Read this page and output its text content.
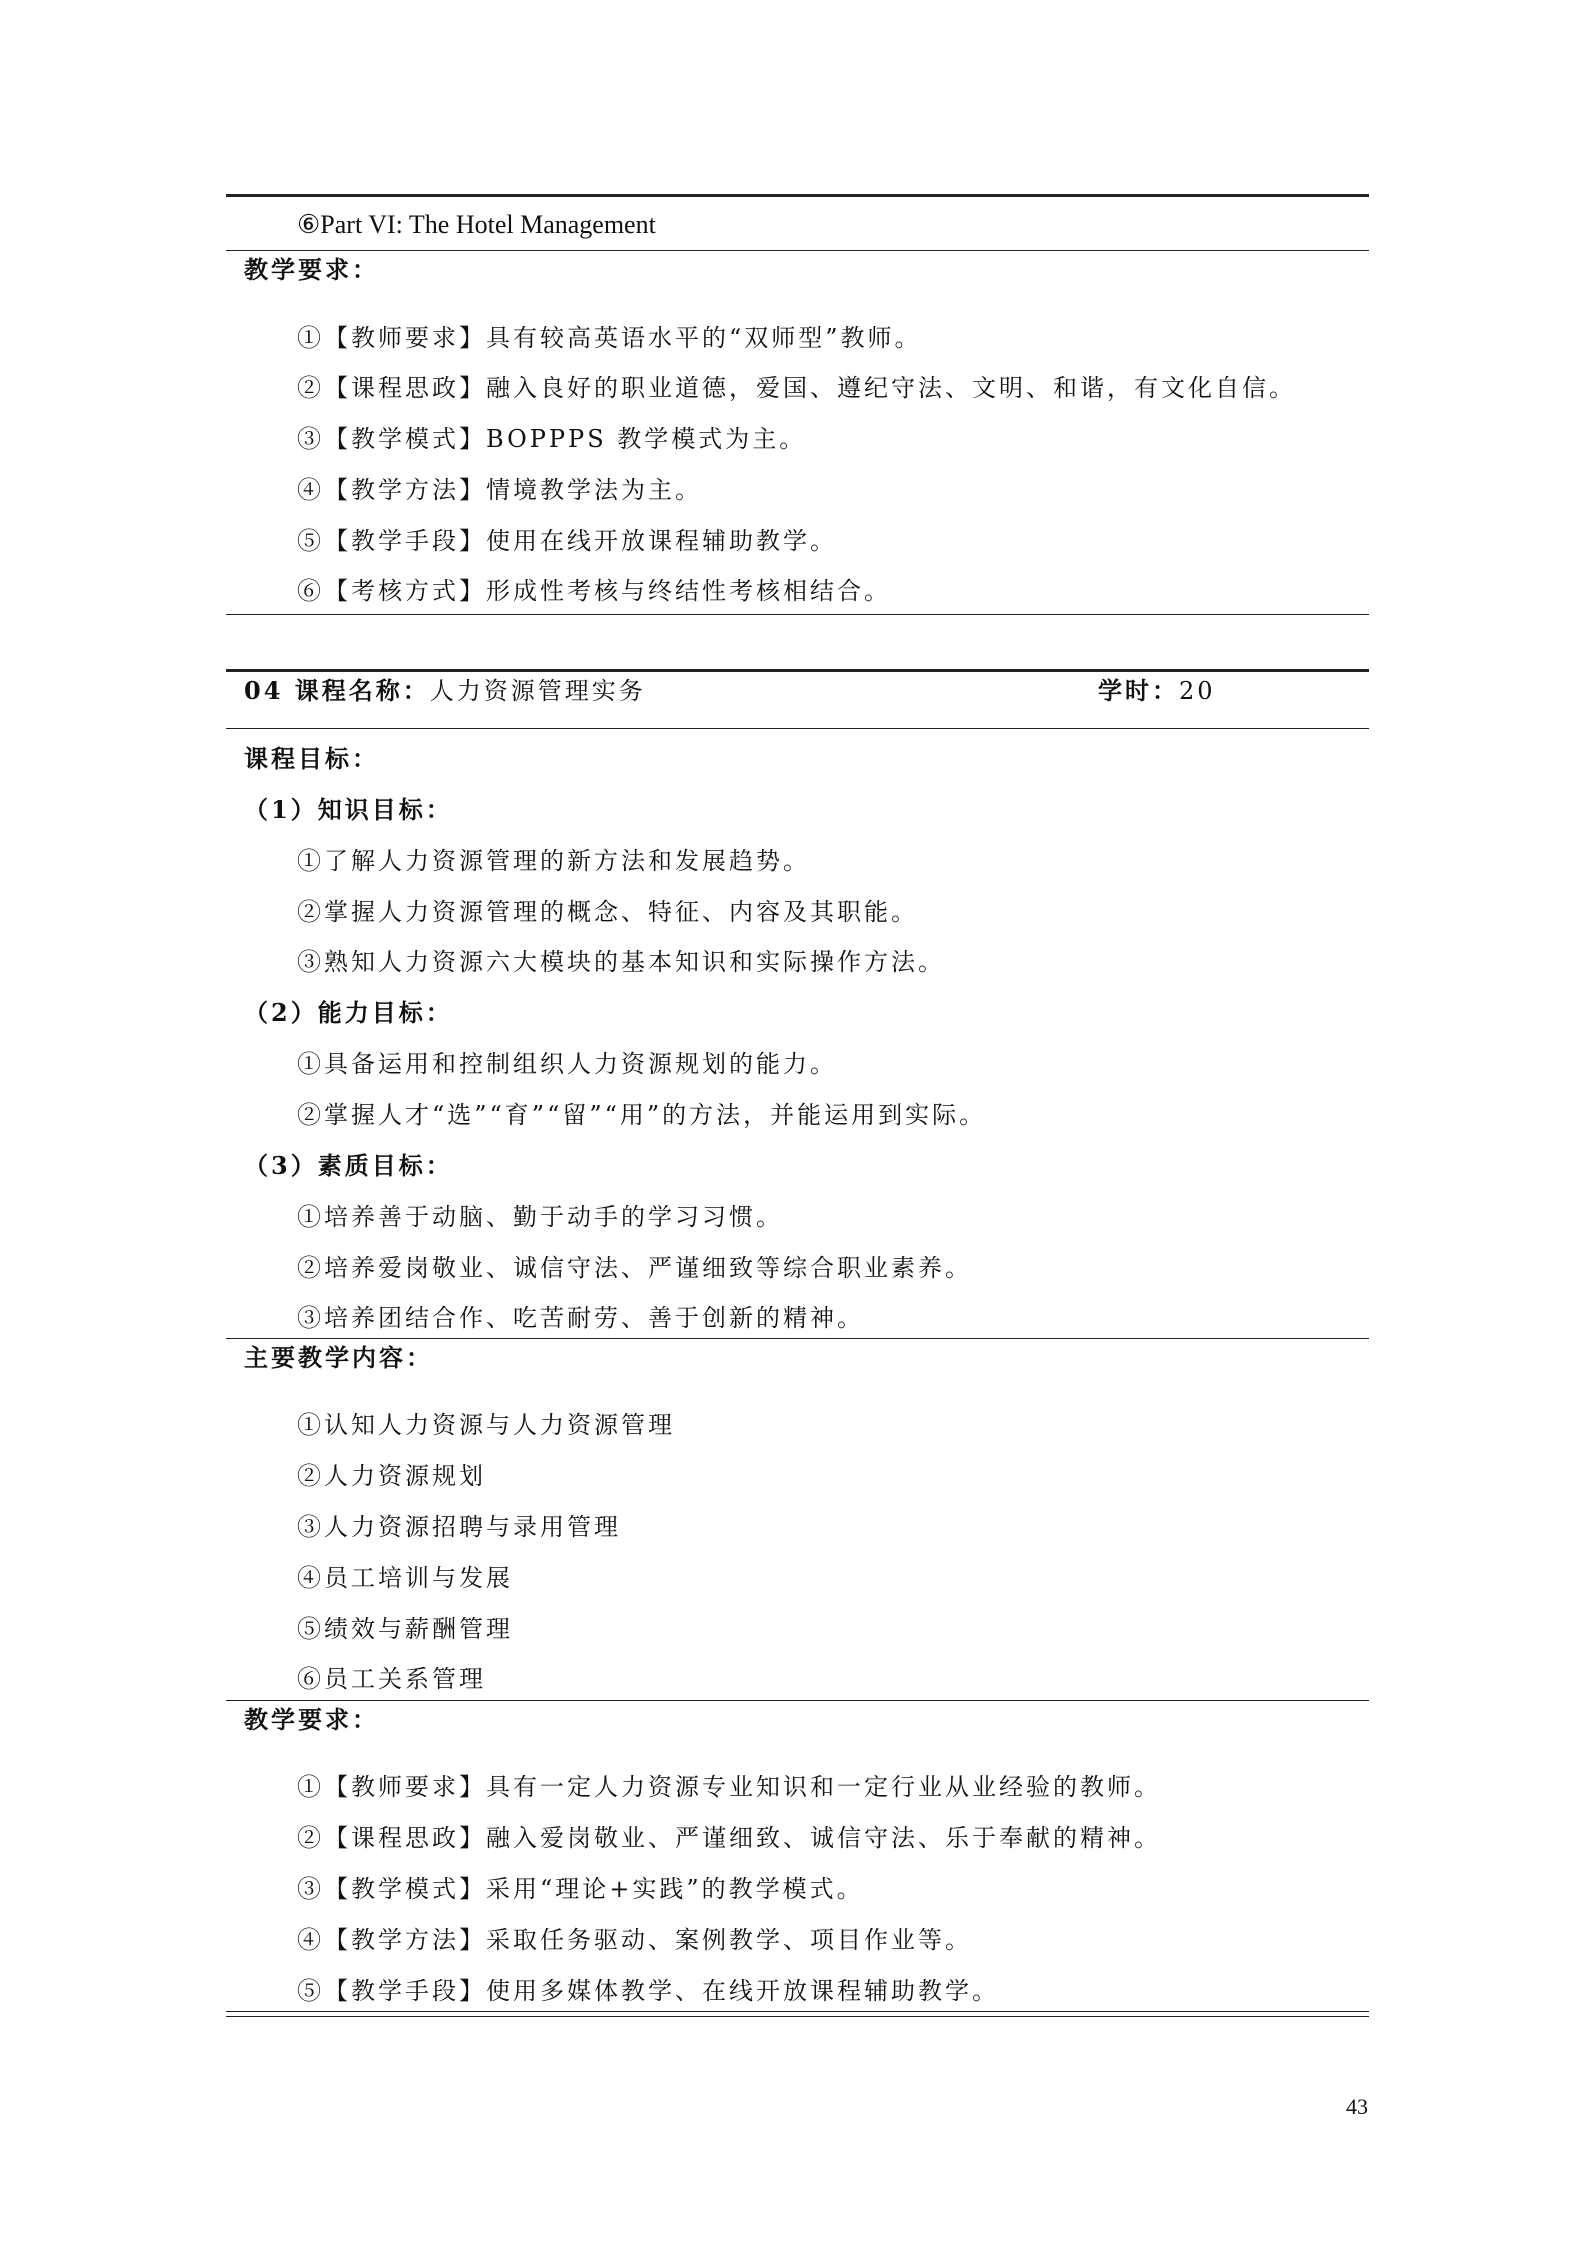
⑥Part VI: The Hotel Management
教学要求：
①【教师要求】具有较高英语水平的“双师型”教师。
②【课程思政】融入良好的职业道德，爱国、遵纪守法、文明、和谐，有文化自信。
③【教学模式】BOPPPS 教学模式为主。
④【教学方法】情境教学法为主。
⑤【教学手段】使用在线开放课程辅助教学。
⑥【考核方式】形成性考核与终结性考核相结合。
04 课程名称：人力资源管理实务	学时：20
课程目标：
（1）知识目标：
①了解人力资源管理的新方法和发展趋势。
②掌握人力资源管理的概念、特征、内容及其职能。
③熟知人力资源六大模块的基本知识和实际操作方法。
（2）能力目标：
①具备运用和控制组织人力资源规划的能力。
②掌握人才“选”“育”“留”“用”的方法，并能运用到实际。
（3）素质目标：
①培养善于动脑、勤于动手的学习习惯。
②培养爱岗敬业、诚信守法、严谨细致等综合职业素养。
③培养团结合作、吃苦耐劳、善于创新的精神。
主要教学内容：
①认知人力资源与人力资源管理
②人力资源规划
③人力资源招聘与录用管理
④员工培训与发展
⑤绩效与薪酬管理
⑥员工关系管理
教学要求：
①【教师要求】具有一定人力资源专业知识和一定行业从业经验的教师。
②【课程思政】融入爱岗敬业、严谨细致、诚信守法、乐于奉献的精神。
③【教学模式】采用“理论+实践”的教学模式。
④【教学方法】采取任务驱动、案例教学、项目作业等。
⑤【教学手段】使用多媒体教学、在线开放课程辅助教学。
43
